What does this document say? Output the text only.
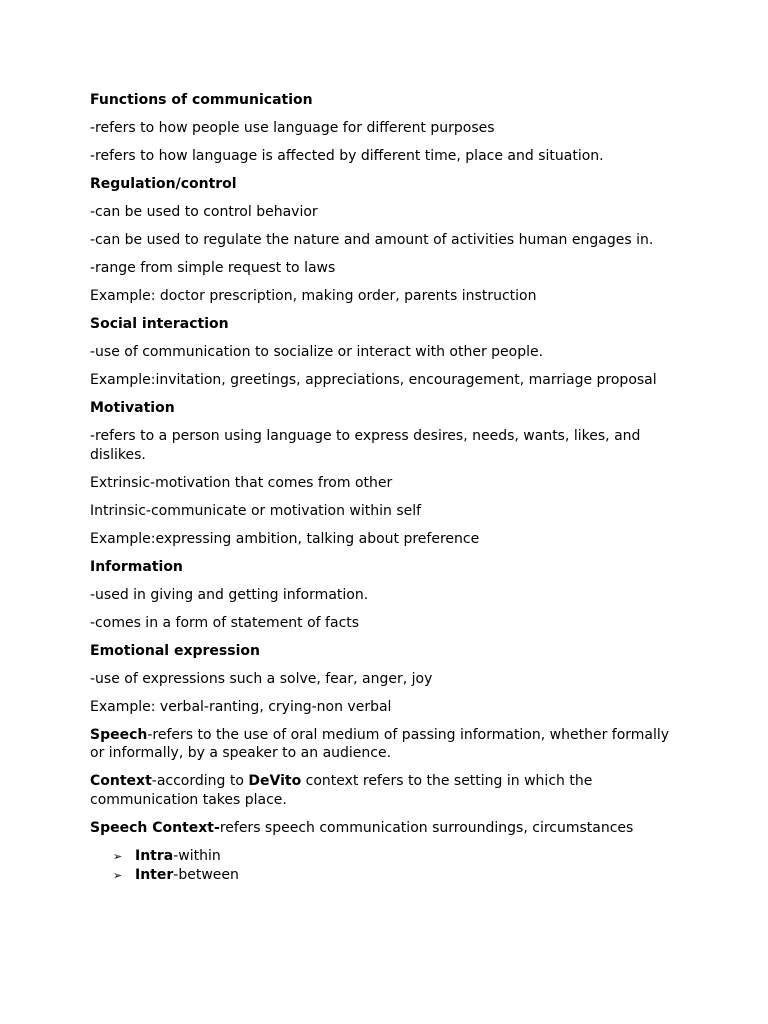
Functions of communication

-refers to how people use language for different purposes

-refers to how language is affected by different time, place and situation.

Regulation/control

-can be used to control behavior

-can be used to regulate the nature and amount of activities human engages in.

-range from simple request to laws

Example: doctor prescription, making order, parents instruction

Social interaction

-use of communication to socialize or interact with other people.

Example:invitation, greetings, appreciations, encouragement, marriage proposal

Motivation

-refers to a person using language to express desires, needs, wants, likes, and dislikes.

Extrinsic-motivation that comes from other

Intrinsic-communicate or motivation within self

Example:expressing ambition, talking about preference

Information

-used in giving and getting information.

-comes in a form of statement of facts

Emotional expression

-use of expressions such a solve, fear, anger, joy

Example: verbal-ranting, crying-non verbal

Speech-refers to the use of oral medium of passing information, whether formally or informally, by a speaker to an audience.

Context-according to DeVito context refers to the setting in which the communication takes place.

Speech Context-refers speech communication surroundings, circumstances

➢ Intra -within
➢ Inter -between
